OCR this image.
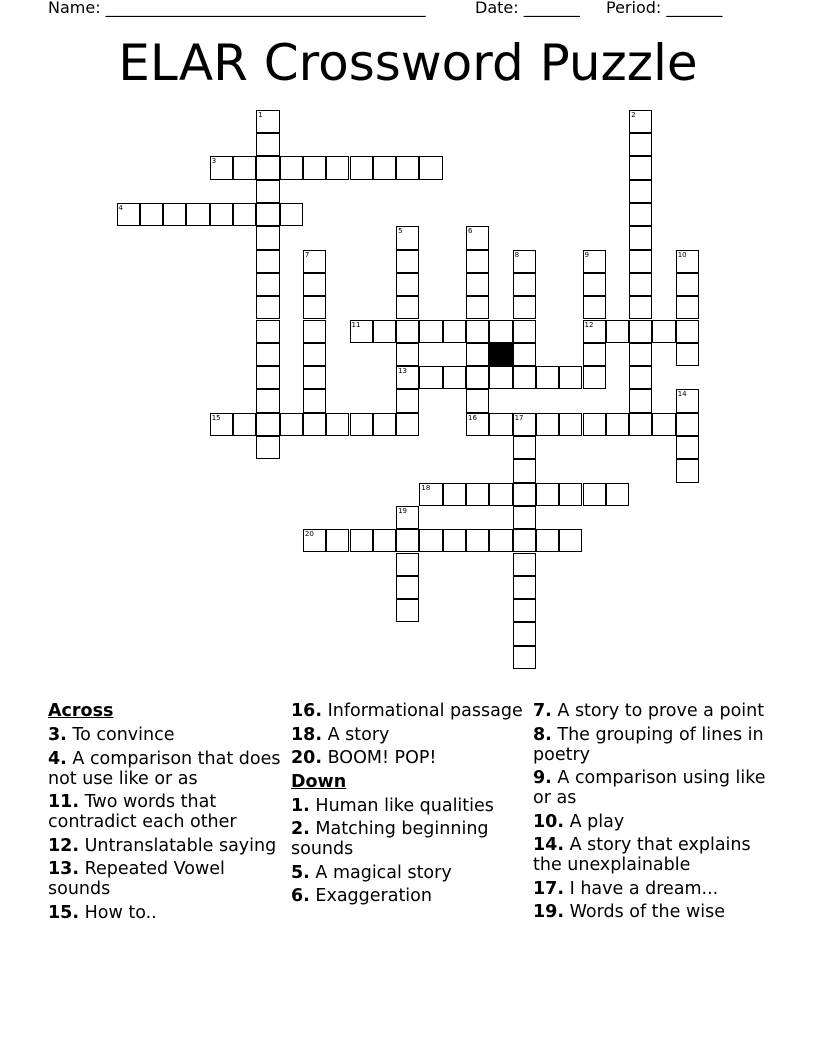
Name: ________________________________________	Date: _______ Period: _______
ELAR Crossword Puzzle
3
4
11	12
13
15	16	17
18
20
1	2
5	6
7	8	9	10
14
19
Across
3. To convince
4. A comparison that does not use like or as
11. Two words that contradict each other
12. Untranslatable saying
13. Repeated Vowel sounds
15. How to..
16. Informational passage
18. A story
20. BOOM! POP!
Down
1. Human like qualities
2. Matching beginning sounds
5. A magical story
6. Exaggeration
7. A story to prove a point
8. The grouping of lines in poetry
9. A comparison using like or as
10. A play
14. A story that explains the unexplainable
17. I have a dream...
19. Words of the wise
